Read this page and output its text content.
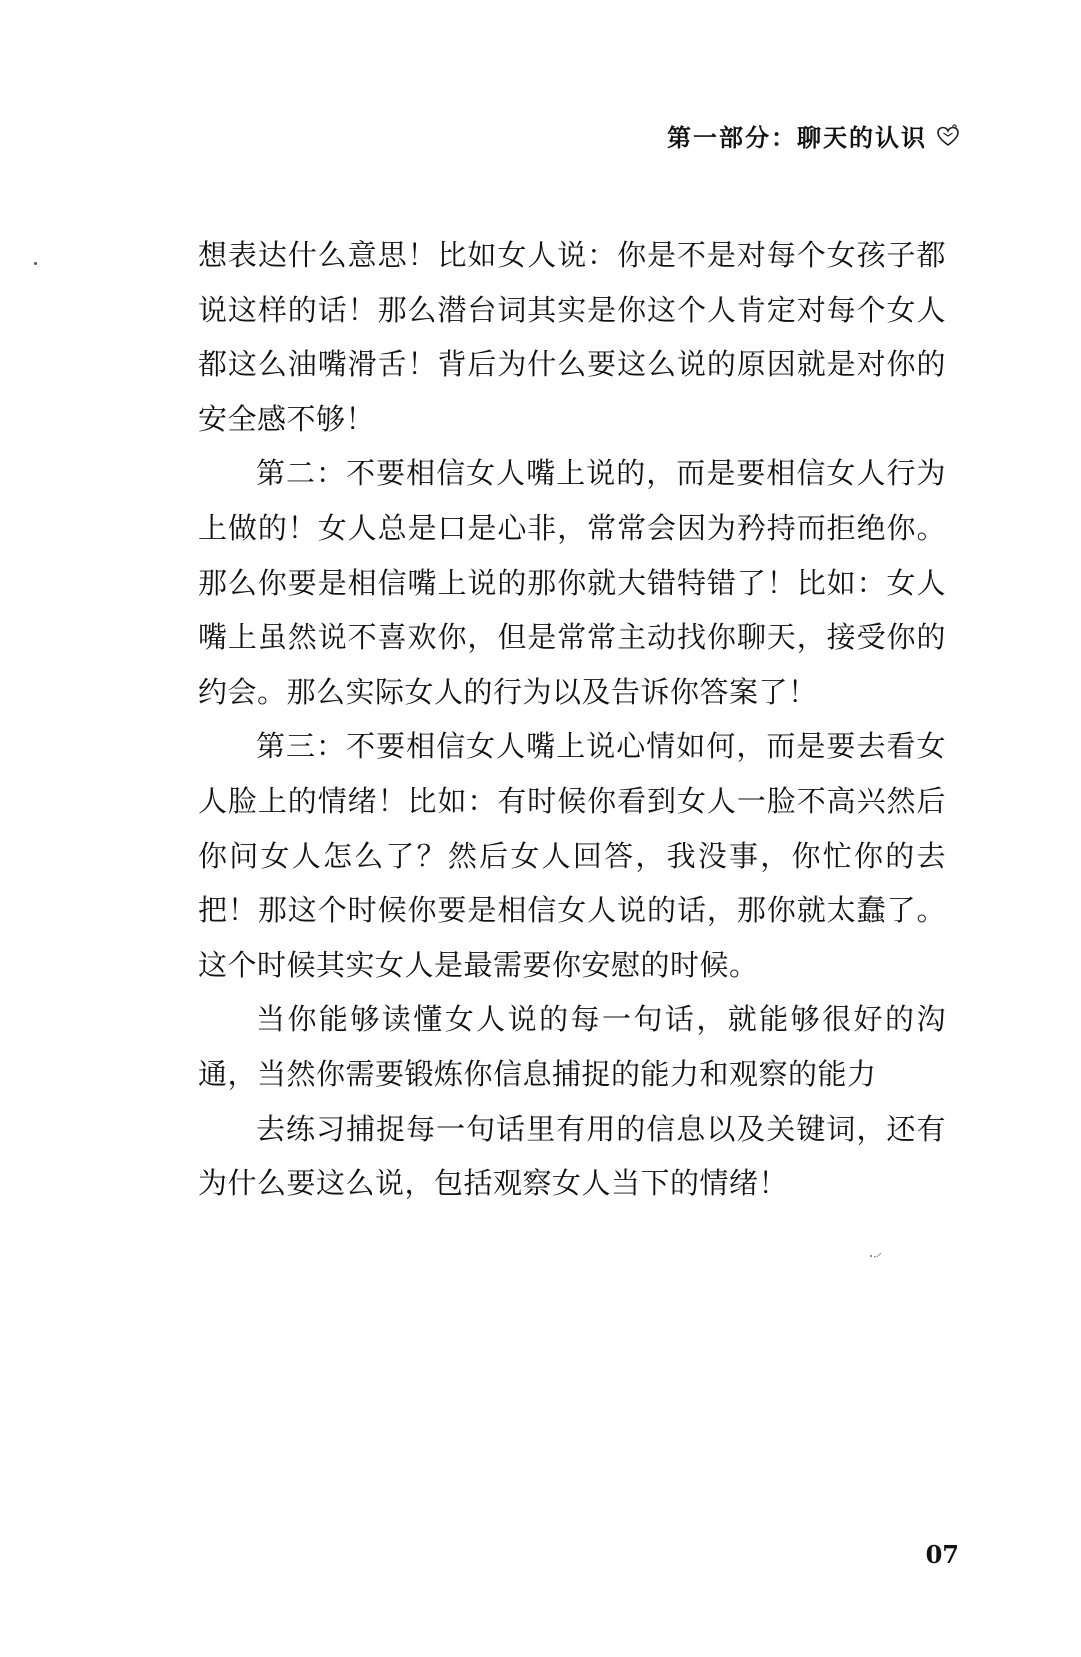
第一部分：聊天的认识

想表达什么意思！比如女人说：你是不是对每个女孩子都说这样的话！那么潜台词其实是你这个人肯定对每个女人都这么油嘴滑舌！背后为什么要这么说的原因就是对你的安全感不够！

第二：不要相信女人嘴上说的，而是要相信女人行为上做的！女人总是口是心非，常常会因为矜持而拒绝你。那么你要是相信嘴上说的那你就大错特错了！比如：女人嘴上虽然说不喜欢你，但是常常主动找你聊天，接受你的约会。那么实际女人的行为以及告诉你答案了！

第三：不要相信女人嘴上说心情如何，而是要去看女人脸上的情绪！比如：有时候你看到女人一脸不高兴然后你问女人怎么了？然后女人回答，我没事，你忙你的去把！那这个时候你要是相信女人说的话，那你就太蠢了。这个时候其实女人是最需要你安慰的时候。

当你能够读懂女人说的每一句话，就能够很好的沟通，当然你需要锻炼你信息捕捉的能力和观察的能力

去练习捕捉每一句话里有用的信息以及关键词，还有为什么要这么说，包括观察女人当下的情绪！

07
